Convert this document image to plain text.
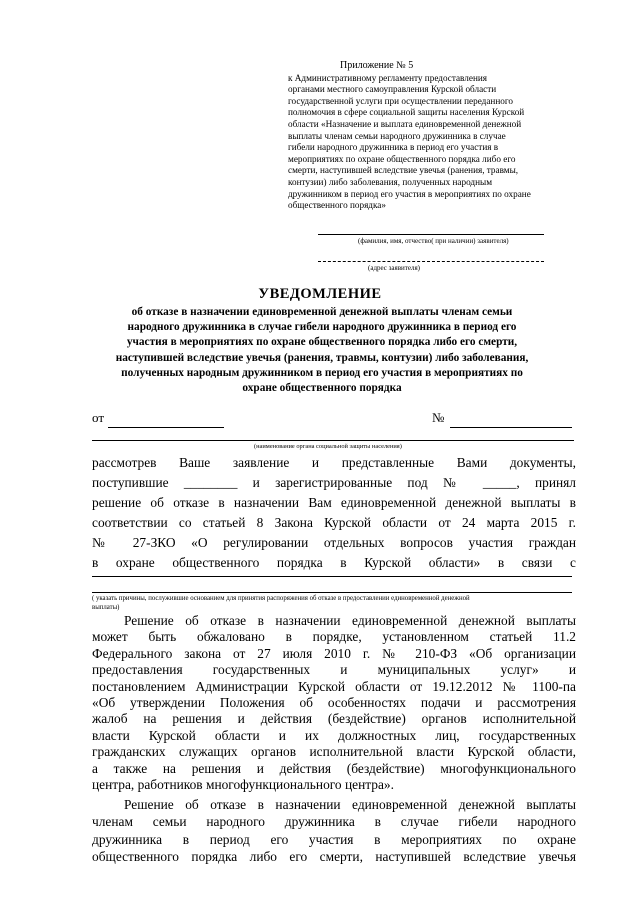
Приложение № 5
к Административному регламенту предоставления
органами местного самоуправления Курской области
государственной услуги при осуществлении переданного
полномочия в сфере социальной защиты населения Курской
области «Назначение и выплата единовременной денежной
выплаты членам семьи народного дружинника в случае
гибели народного дружинника в период его участия в
мероприятиях по охране общественного порядка либо его
смерти, наступившей вследствие увечья (ранения, травмы,
контузии) либо заболевания, полученных народным
дружинником в период его участия в мероприятиях по охране
общественного порядка»
(фамилия, имя, отчество( при наличии) заявителя)
(адрес заявителя)
УВЕДОМЛЕНИЕ
об отказе в назначении единовременной денежной выплаты членам семьи
народного дружинника в случае гибели народного дружинника в период его
участия в мероприятиях по охране общественного порядка либо его смерти,
наступившей вследствие увечья (ранения, травмы, контузии) либо заболевания,
полученных народным дружинником в период его участия в мероприятиях по
охране общественного порядка
от	№
(наименование органа социальной защиты населения)
рассмотрев Ваше заявление и представленные Вами документы,
поступившие ________ и зарегистрированные под № _____, принял
решение об отказе в назначении Вам единовременной денежной выплаты в
соответствии со статьей 8 Закона Курской области от 24 марта 2015 г.
№ 27-ЗКО «О регулировании отдельных вопросов участия граждан
в охране общественного порядка в Курской области» в связи с
( указать причины, послужившие основанием для принятия распоряжения об отказе в предоставлении единовременной денежной
выплаты)
Решение об отказе в назначении единовременной денежной выплаты
может быть обжаловано в порядке, установленном статьей 11.2
Федерального закона от 27 июля 2010 г. № 210-ФЗ «Об организации
предоставления государственных и муниципальных услуг» и
постановлением Администрации Курской области от 19.12.2012 № 1100-па
«Об утверждении Положения об особенностях подачи и рассмотрения
жалоб на решения и действия (бездействие) органов исполнительной
власти Курской области и их должностных лиц, государственных
гражданских служащих органов исполнительной власти Курской области,
а также на решения и действия (бездействие) многофункционального
центра, работников многофункционального центра».
Решение об отказе в назначении единовременной денежной выплаты
членам семьи народного дружинника в случае гибели народного
дружинника в период его участия в мероприятиях по охране
общественного порядка либо его смерти, наступившей вследствие увечья
